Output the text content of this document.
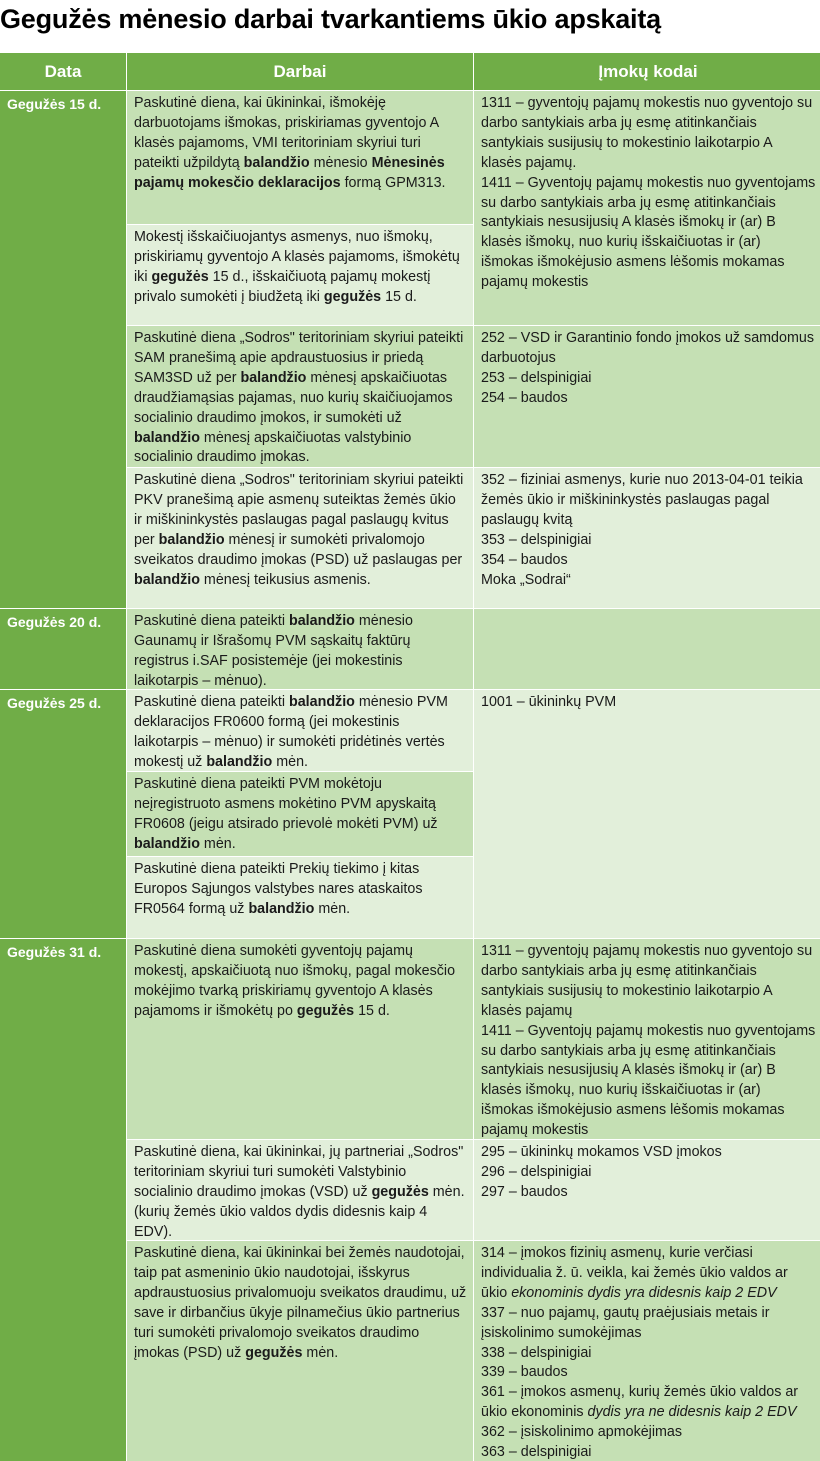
Gegužės mėnesio darbai tvarkantiems ūkio apskaitą
Data	Darbai	Įmokų kodai
Gegužės 15 d.
Gegužės 20 d.
Gegužės 25 d.
Gegužės 31 d.
Paskutinė diena, kai ūkininkai, išmokėję darbuotojams išmokas, priskiriamas gyventojo A klasės pajamoms, VMI teritoriniam skyriui turi pateikti užpildytą balandžio mėnesio Mėnesinės pajamų mokesčio deklaracijos formą GPM313.
Mokestį išskaičiuojantys asmenys, nuo išmokų, priskiriamų gyventojo A klasės pajamoms, išmokėtų iki gegužės 15 d., išskaičiuotą pajamų mokestį privalo sumokėti į biudžetą iki gegužės 15 d.
Paskutinė diena „Sodros" teritoriniam skyriui pateikti SAM pranešimą apie apdraustuosius ir priedą SAM3SD už per balandžio mėnesį apskaičiuotas draudžiamąsias pajamas, nuo kurių skaičiuojamos socialinio draudimo įmokos, ir sumokėti už balandžio mėnesį apskaičiuotas valstybinio socialinio draudimo įmokas.
Paskutinė diena „Sodros" teritoriniam skyriui pateikti PKV pranešimą apie asmenų suteiktas žemės ūkio ir miškininkystės paslaugas pagal paslaugų kvitus per balandžio mėnesį ir sumokėti privalomojo sveikatos draudimo įmokas (PSD) už paslaugas per balandžio mėnesį teikusius asmenis.
Paskutinė diena pateikti balandžio mėnesio Gaunamų ir Išrašomų PVM sąskaitų faktūrų registrus i.SAF posistemėje (jei mokestinis laikotarpis – mėnuo).
Paskutinė diena pateikti balandžio mėnesio PVM deklaracijos FR0600 formą (jei mokestinis laikotarpis – mėnuo) ir sumokėti pridėtinės vertės mokestį už balandžio mėn.
Paskutinė diena pateikti PVM mokėtoju neįregistruoto asmens mokėtino PVM apyskaitą FR0608 (jeigu atsirado prievolė mokėti PVM) už balandžio mėn.
Paskutinė diena pateikti Prekių tiekimo į kitas Europos Sąjungos valstybes nares ataskaitos FR0564 formą už balandžio mėn.
Paskutinė diena sumokėti gyventojų pajamų mokestį, apskaičiuotą nuo išmokų, pagal mokesčio mokėjimo tvarką priskiriamų gyventojo A klasės pajamoms ir išmokėtų po gegužės 15 d.
Paskutinė diena, kai ūkininkai, jų partneriai „Sodros" teritoriniam skyriui turi sumokėti Valstybinio socialinio draudimo įmokas (VSD) už gegužės mėn. (kurių žemės ūkio valdos dydis didesnis kaip 4 EDV).
Paskutinė diena, kai ūkininkai bei žemės naudotojai, taip pat asmeninio ūkio naudotojai, išskyrus apdraustuosius privalomuoju sveikatos draudimu, už save ir dirbančius ūkyje pilnamečius ūkio partnerius turi sumokėti privalomojo sveikatos draudimo įmokas (PSD) už gegužės mėn.
1311 – gyventojų pajamų mokestis nuo gyventojo su darbo santykiais arba jų esmę atitinkančiais santykiais susijusių to mokestinio laikotarpio A klasės pajamų.
1411 – Gyventojų pajamų mokestis nuo gyventojams su darbo santykiais arba jų esmę atitinkančiais santykiais nesusijusių A klasės išmokų ir (ar) B klasės išmokų, nuo kurių išskaičiuotas ir (ar) išmokas išmokėjusio asmens lėšomis mokamas pajamų mokestis
252 – VSD ir Garantinio fondo įmokos už samdomus darbuotojus
253 – delspinigiai
254 – baudos
352 – fiziniai asmenys, kurie nuo 2013-04-01 teikia žemės ūkio ir miškininkystės paslaugas pagal paslaugų kvitą
353 – delspinigiai
354 – baudos
Moka „Sodrai“
1001 – ūkininkų PVM
1311 – gyventojų pajamų mokestis nuo gyventojo su darbo santykiais arba jų esmę atitinkančiais santykiais susijusių to mokestinio laikotarpio A klasės pajamų
1411 – Gyventojų pajamų mokestis nuo gyventojams su darbo santykiais arba jų esmę atitinkančiais santykiais nesusijusių A klasės išmokų ir (ar) B klasės išmokų, nuo kurių išskaičiuotas ir (ar) išmokas išmokėjusio asmens lėšomis mokamas pajamų mokestis
295 – ūkininkų mokamos VSD įmokos
296 – delspinigiai
297 – baudos
314 – įmokos fizinių asmenų, kurie verčiasi individualia ž. ū. veikla, kai žemės ūkio valdos ar ūkio ekonominis dydis yra didesnis kaip 2 EDV
337 – nuo pajamų, gautų praėjusiais metais ir įsiskolinimo sumokėjimas
338 – delspinigiai
339 – baudos
361 – įmokos asmenų, kurių žemės ūkio valdos ar ūkio ekonominis dydis yra ne didesnis kaip 2 EDV
362 – įsiskolinimo apmokėjimas
363 – delspinigiai
